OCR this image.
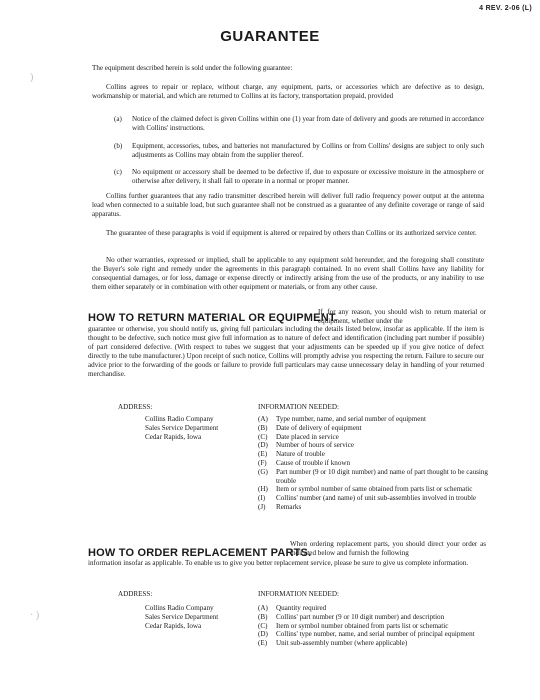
4 REV. 2-06 (L)
GUARANTEE
)
The equipment described herein is sold under the following guarantee:
Collins agrees to repair or replace, without charge, any equipment, parts, or accessories which are defective as to design, workmanship or material, and which are returned to Collins at its factory, transportation prepaid, provided
(a) Notice of the claimed defect is given Collins within one (1) year from date of delivery and goods are returned in accordance with Collins' instructions.
(b) Equipment, accessories, tubes, and batteries not manufactured by Collins or from Collins' designs are subject to only such adjustments as Collins may obtain from the supplier thereof.
(c) No equipment or accessory shall be deemed to be defective if, due to exposure or excessive moisture in the atmosphere or otherwise after delivery, it shall fail to operate in a normal or proper manner.
Collins further guarantees that any radio transmitter described herein will deliver full radio frequency power output at the antenna lead when connected to a suitable load, but such guarantee shall not be construed as a guarantee of any definite coverage or range of said apparatus.
The guarantee of these paragraphs is void if equipment is altered or repaired by others than Collins or its authorized service center.
No other warranties, expressed or implied, shall be applicable to any equipment sold hereunder, and the foregoing shall constitute the Buyer's sole right and remedy under the agreements in this paragraph contained. In no event shall Collins have any liability for consequential damages, or for loss, damage or expense directly or indirectly arising from the use of the products, or any inability to use them either separately or in combination with other equipment or materials, or from any other cause.
HOW TO RETURN MATERIAL OR EQUIPMENT.
If, for any reason, you should wish to return material or equipment, whether under the
guarantee or otherwise, you should notify us, giving full particulars including the details listed below, insofar as applicable. If the item is thought to be defective, such notice must give full information as to nature of defect and identification (including part number if possible) of part considered defective. (With respect to tubes we suggest that your adjustments can be speeded up if you give notice of defect directly to the tube manufacturer.) Upon receipt of such notice, Collins will promptly advise you respecting the return. Failure to secure our advice prior to the forwarding of the goods or failure to provide full particulars may cause unnecessary delay in handling of your returned merchandise.
ADDRESS:
Collins Radio Company
Sales Service Department
Cedar Rapids, Iowa
INFORMATION NEEDED:
(A) Type number, name, and serial number of equipment
(B) Date of delivery of equipment
(C) Date placed in service
(D) Number of hours of service
(E) Nature of trouble
(F) Cause of trouble if known
(G) Part number (9 or 10 digit number) and name of part thought to be causing trouble
(H) Item or symbol number of same obtained from parts list or schematic
(I) Collins' number (and name) of unit sub-assemblies involved in trouble
(J) Remarks
HOW TO ORDER REPLACEMENT PARTS.
When ordering replacement parts, you should direct your order as indicated below and furnish the following
information insofar as applicable. To enable us to give you better replacement service, please be sure to give us complete information.
ADDRESS:
Collins Radio Company
Sales Service Department
Cedar Rapids, Iowa
INFORMATION NEEDED:
(A) Quantity required
(B) Collins' part number (9 or 10 digit number) and description
(C) Item or symbol number obtained from parts list or schematic
(D) Collins' type number, name, and serial number of principal equipment
(E) Unit sub-assembly number (where applicable)
· )
